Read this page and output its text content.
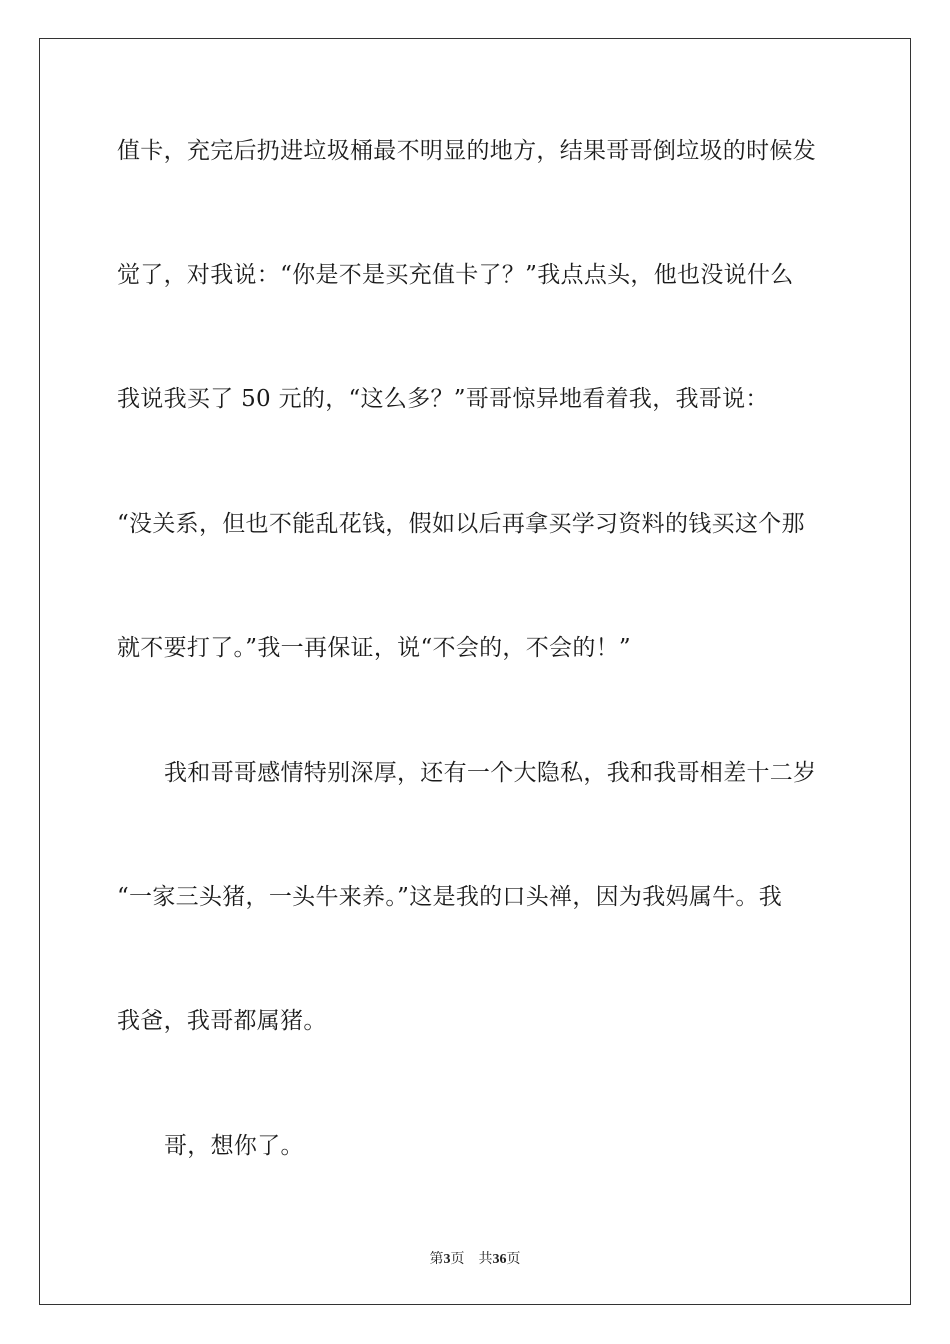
值卡，充完后扔进垃圾桶最不明显的地方，结果哥哥倒垃圾的时候发
觉了，对我说：“你是不是买充值卡了？”我点点头，他也没说什么
我说我买了 50 元的，“这么多？”哥哥惊异地看着我，我哥说：
“没关系，但也不能乱花钱，假如以后再拿买学习资料的钱买这个那
就不要打了。”我一再保证，说“不会的，不会的！”
我和哥哥感情特别深厚，还有一个大隐私，我和我哥相差十二岁
“一家三头猪，一头牛来养。”这是我的口头禅，因为我妈属牛。我
我爸，我哥都属猪。
哥，想你了。
第3页 共36页
